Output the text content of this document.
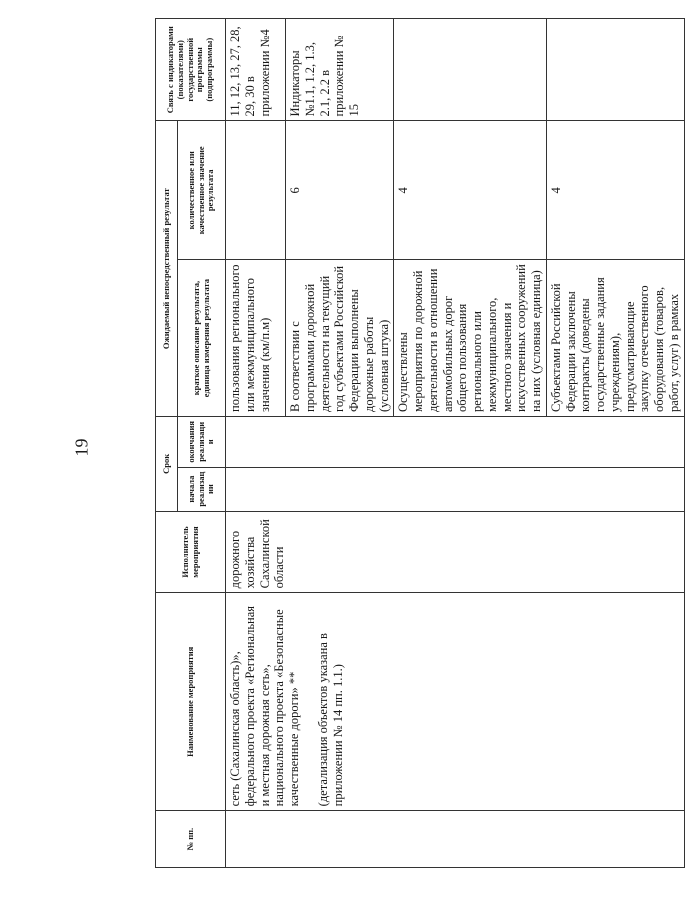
19
№ пп.	Наименование мероприятия	Исполнитель мероприятия	Срок		Ожидаемый непосредственный результат		Связь с индикаторами (показателями) государственной программы (подпрограммы)
			начала реализац ии	окончания реализаци и	краткое описание результата, единица измерения результата	количественное или качественное значение результата	

	сеть (Сахалинская область)», федерального проекта «Региональная и местная дорожная сеть», национального проекта «Безопасные качественные дороги» ** (детализация объектов указана в приложении № 14 пп. 1.1.)	дорожного хозяйства Сахалинской области			пользования регионального или межмуниципального значения (км/п.м)		11, 12, 13, 27, 28, 29, 30 в приложении №4
					В соответствии с программами дорожной деятельности на текущий год субъектами Российской Федерации выполнены дорожные работы (условная штука)	6	Индикаторы №1.1, 1.2, 1.3, 2.1, 2.2 в приложении № 15
					Осуществлены мероприятия по дорожной деятельности в отношении автомобильных дорог общего пользования регионального или межмуниципального, местного значения и искусственных сооружений на них (условная единица)	4	
					Субъектами Российской Федерации заключены контракты (доведены государственные задания учреждениям), предусматривающие закупку отечественного оборудования (товаров, работ, услуг) в рамках	4	
